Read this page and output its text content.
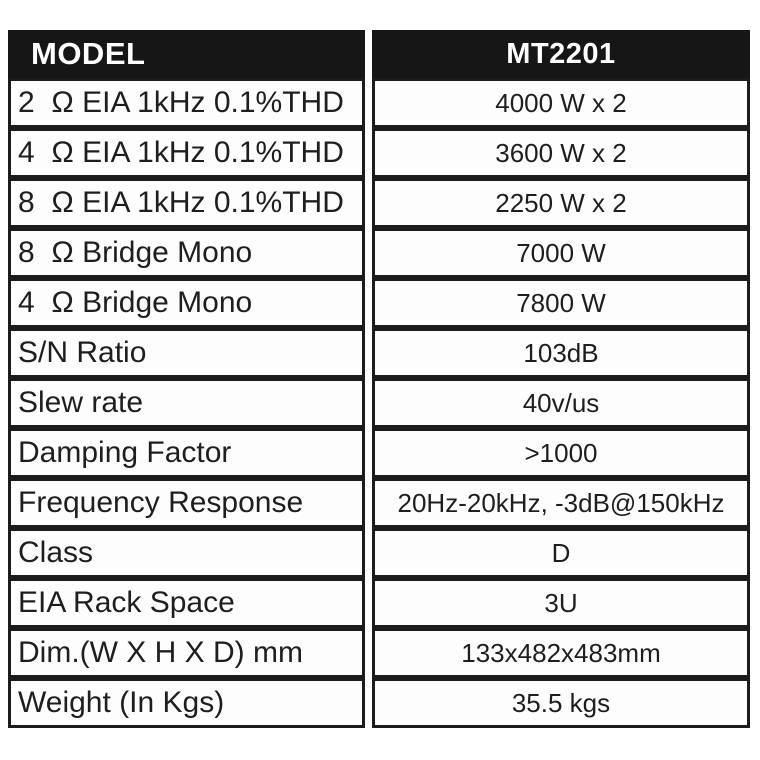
MODEL	MT2201
2  Ω EIA 1kHz 0.1%THD	4000 W x 2
4  Ω EIA 1kHz 0.1%THD	3600 W x 2
8  Ω EIA 1kHz 0.1%THD	2250 W x 2
8  Ω Bridge Mono	7000 W
4  Ω Bridge Mono	7800 W
S/N Ratio	103dB
Slew rate	40v/us
Damping Factor	>1000
Frequency Response	20Hz-20kHz, -3dB@150kHz
Class	D
EIA Rack Space	3U
Dim.(W X H X D) mm	133x482x483mm
Weight (In Kgs)	35.5 kgs
